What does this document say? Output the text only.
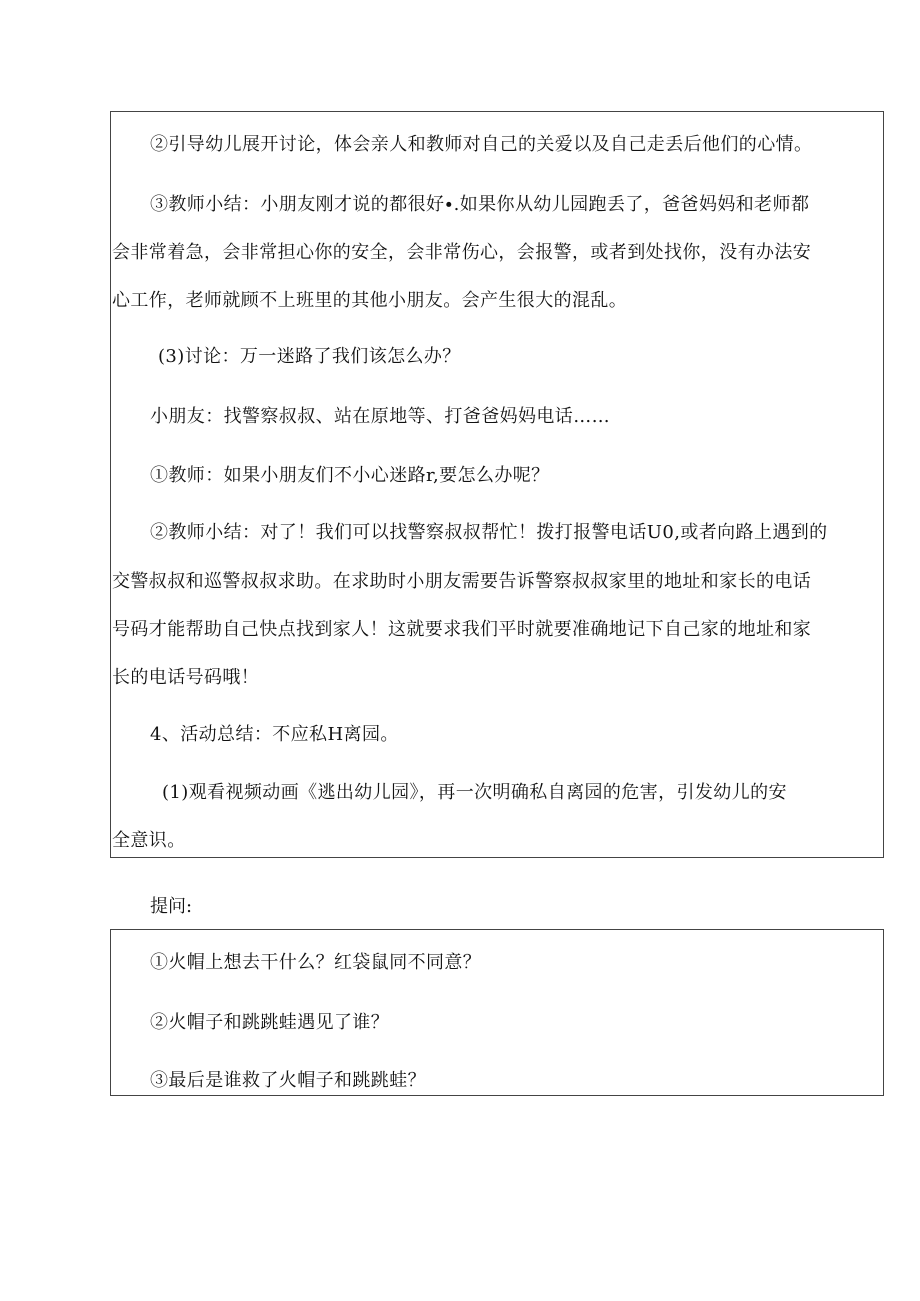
②引导幼儿展开讨论，体会亲人和教师对自己的关爱以及自己走丢后他们的心情。
③教师小结：小朋友刚才说的都很好∙.如果你从幼儿园跑丢了，爸爸妈妈和老师都
会非常着急，会非常担心你的安全，会非常伤心，会报警，或者到处找你，没有办法安
心工作，老师就顾不上班里的其他小朋友。会产生很大的混乱。
(3)讨论：万一迷路了我们该怎么办？
小朋友：找警察叔叔、站在原地等、打爸爸妈妈电话……
①教师：如果小朋友们不小心迷路r,要怎么办呢？
②教师小结：对了！我们可以找警察叔叔帮忙！拨打报警电话U0,或者向路上遇到的
交警叔叔和巡警叔叔求助。在求助时小朋友需要告诉警察叔叔家里的地址和家长的电话
号码才能帮助自己快点找到家人！这就要求我们平时就要准确地记下自己家的地址和家
长的电话号码哦！
4、活动总结：不应私H离园。
(1)观看视频动画《逃出幼儿园》，再一次明确私自离园的危害，引发幼儿的安
全意识。
提问:
①火帽上想去干什么？红袋鼠同不同意？
②火帽子和跳跳蛙遇见了谁？
③最后是谁救了火帽子和跳跳蛙？
